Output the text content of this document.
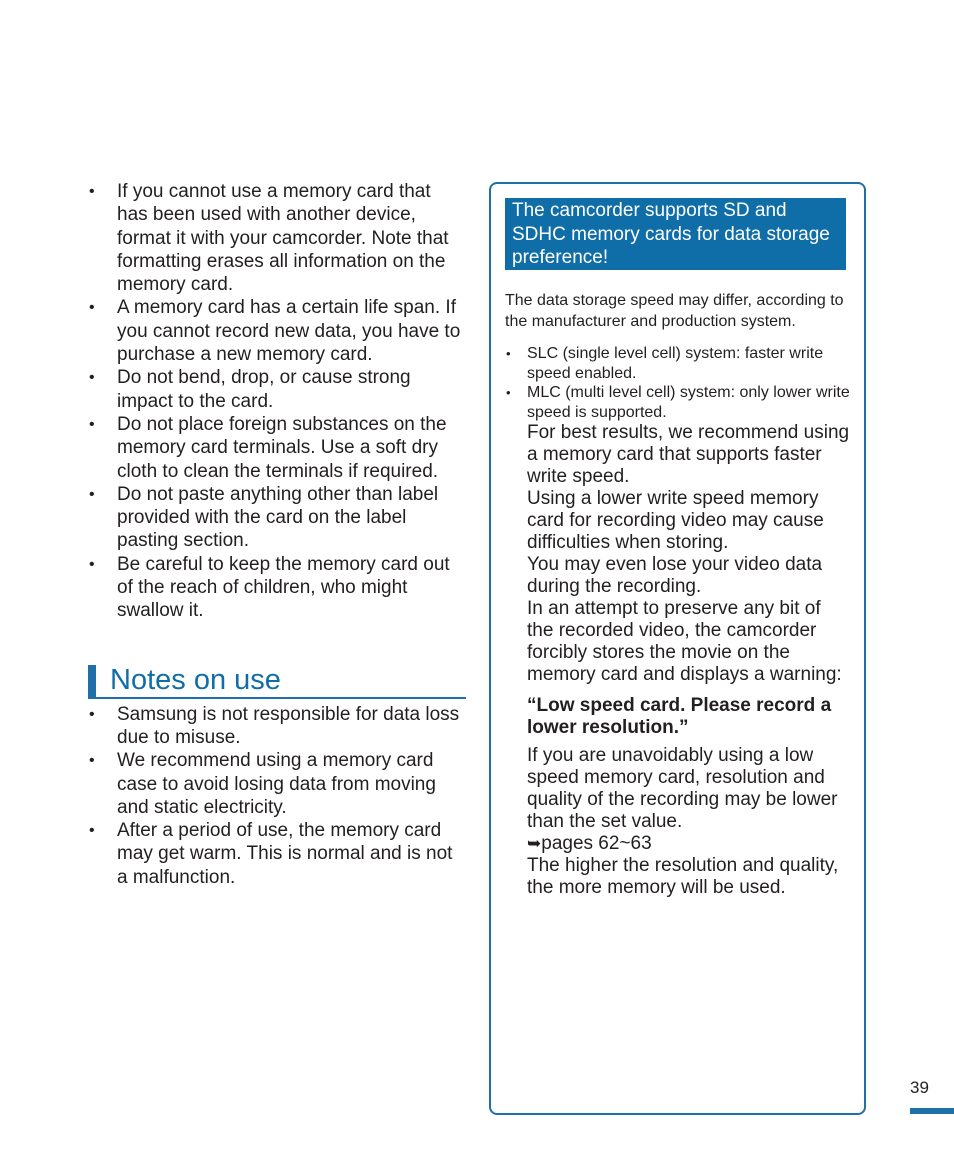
• If you cannot use a memory card that has been used with another device, format it with your camcorder. Note that formatting erases all information on the memory card.
• A memory card has a certain life span. If you cannot record new data, you have to purchase a new memory card.
• Do not bend, drop, or cause strong impact to the card.
• Do not place foreign substances on the memory card terminals. Use a soft dry cloth to clean the terminals if required.
• Do not paste anything other than label provided with the card on the label pasting section.
• Be careful to keep the memory card out of the reach of children, who might swallow it.
Notes on use
• Samsung is not responsible for data loss due to misuse.
• We recommend using a memory card case to avoid losing data from moving and static electricity.
• After a period of use, the memory card may get warm. This is normal and is not a malfunction.
The camcorder supports SD and SDHC memory cards for data storage preference!

The data storage speed may differ, according to the manufacturer and production system.

• SLC (single level cell) system: faster write speed enabled.
• MLC (multi level cell) system: only lower write speed is supported.

For best results, we recommend using a memory card that supports faster write speed.

Using a lower write speed memory card for recording video may cause difficulties when storing.

You may even lose your video data during the recording.

In an attempt to preserve any bit of the recorded video, the camcorder forcibly stores the movie on the memory card and displays a warning:

“Low speed card. Please record a lower resolution.”

If you are unavoidably using a low speed memory card, resolution and quality of the recording may be lower than the set value.

➥pages 62~63

The higher the resolution and quality, the more memory will be used.

39
